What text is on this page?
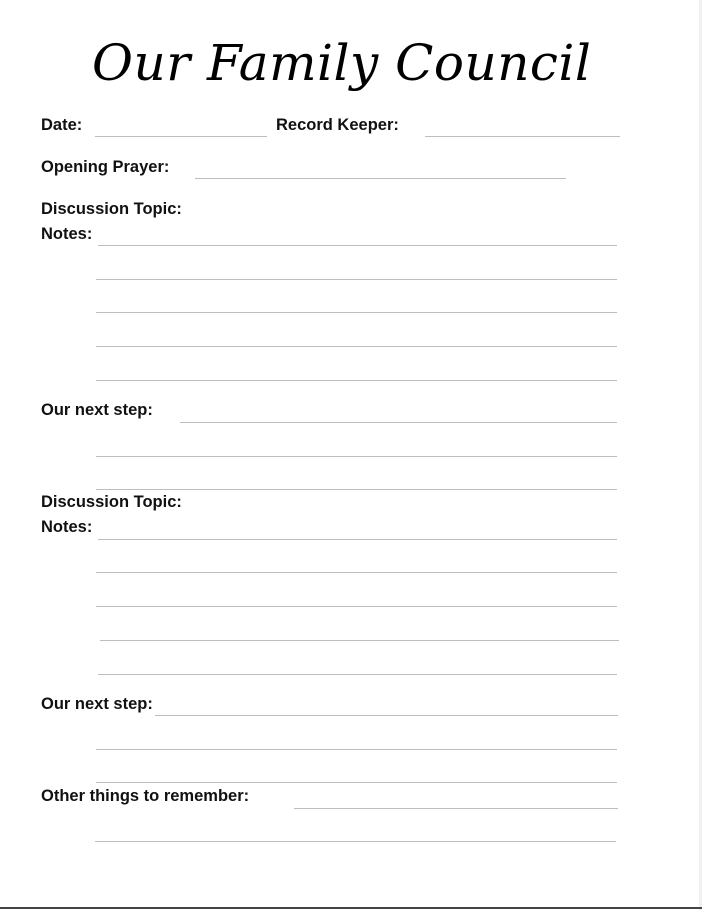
Our Family Council
Date:	Record Keeper:
Opening Prayer:
Discussion Topic:
Notes:
Our next step:
Discussion Topic:
Notes:
Our next step:
Other things to remember:
